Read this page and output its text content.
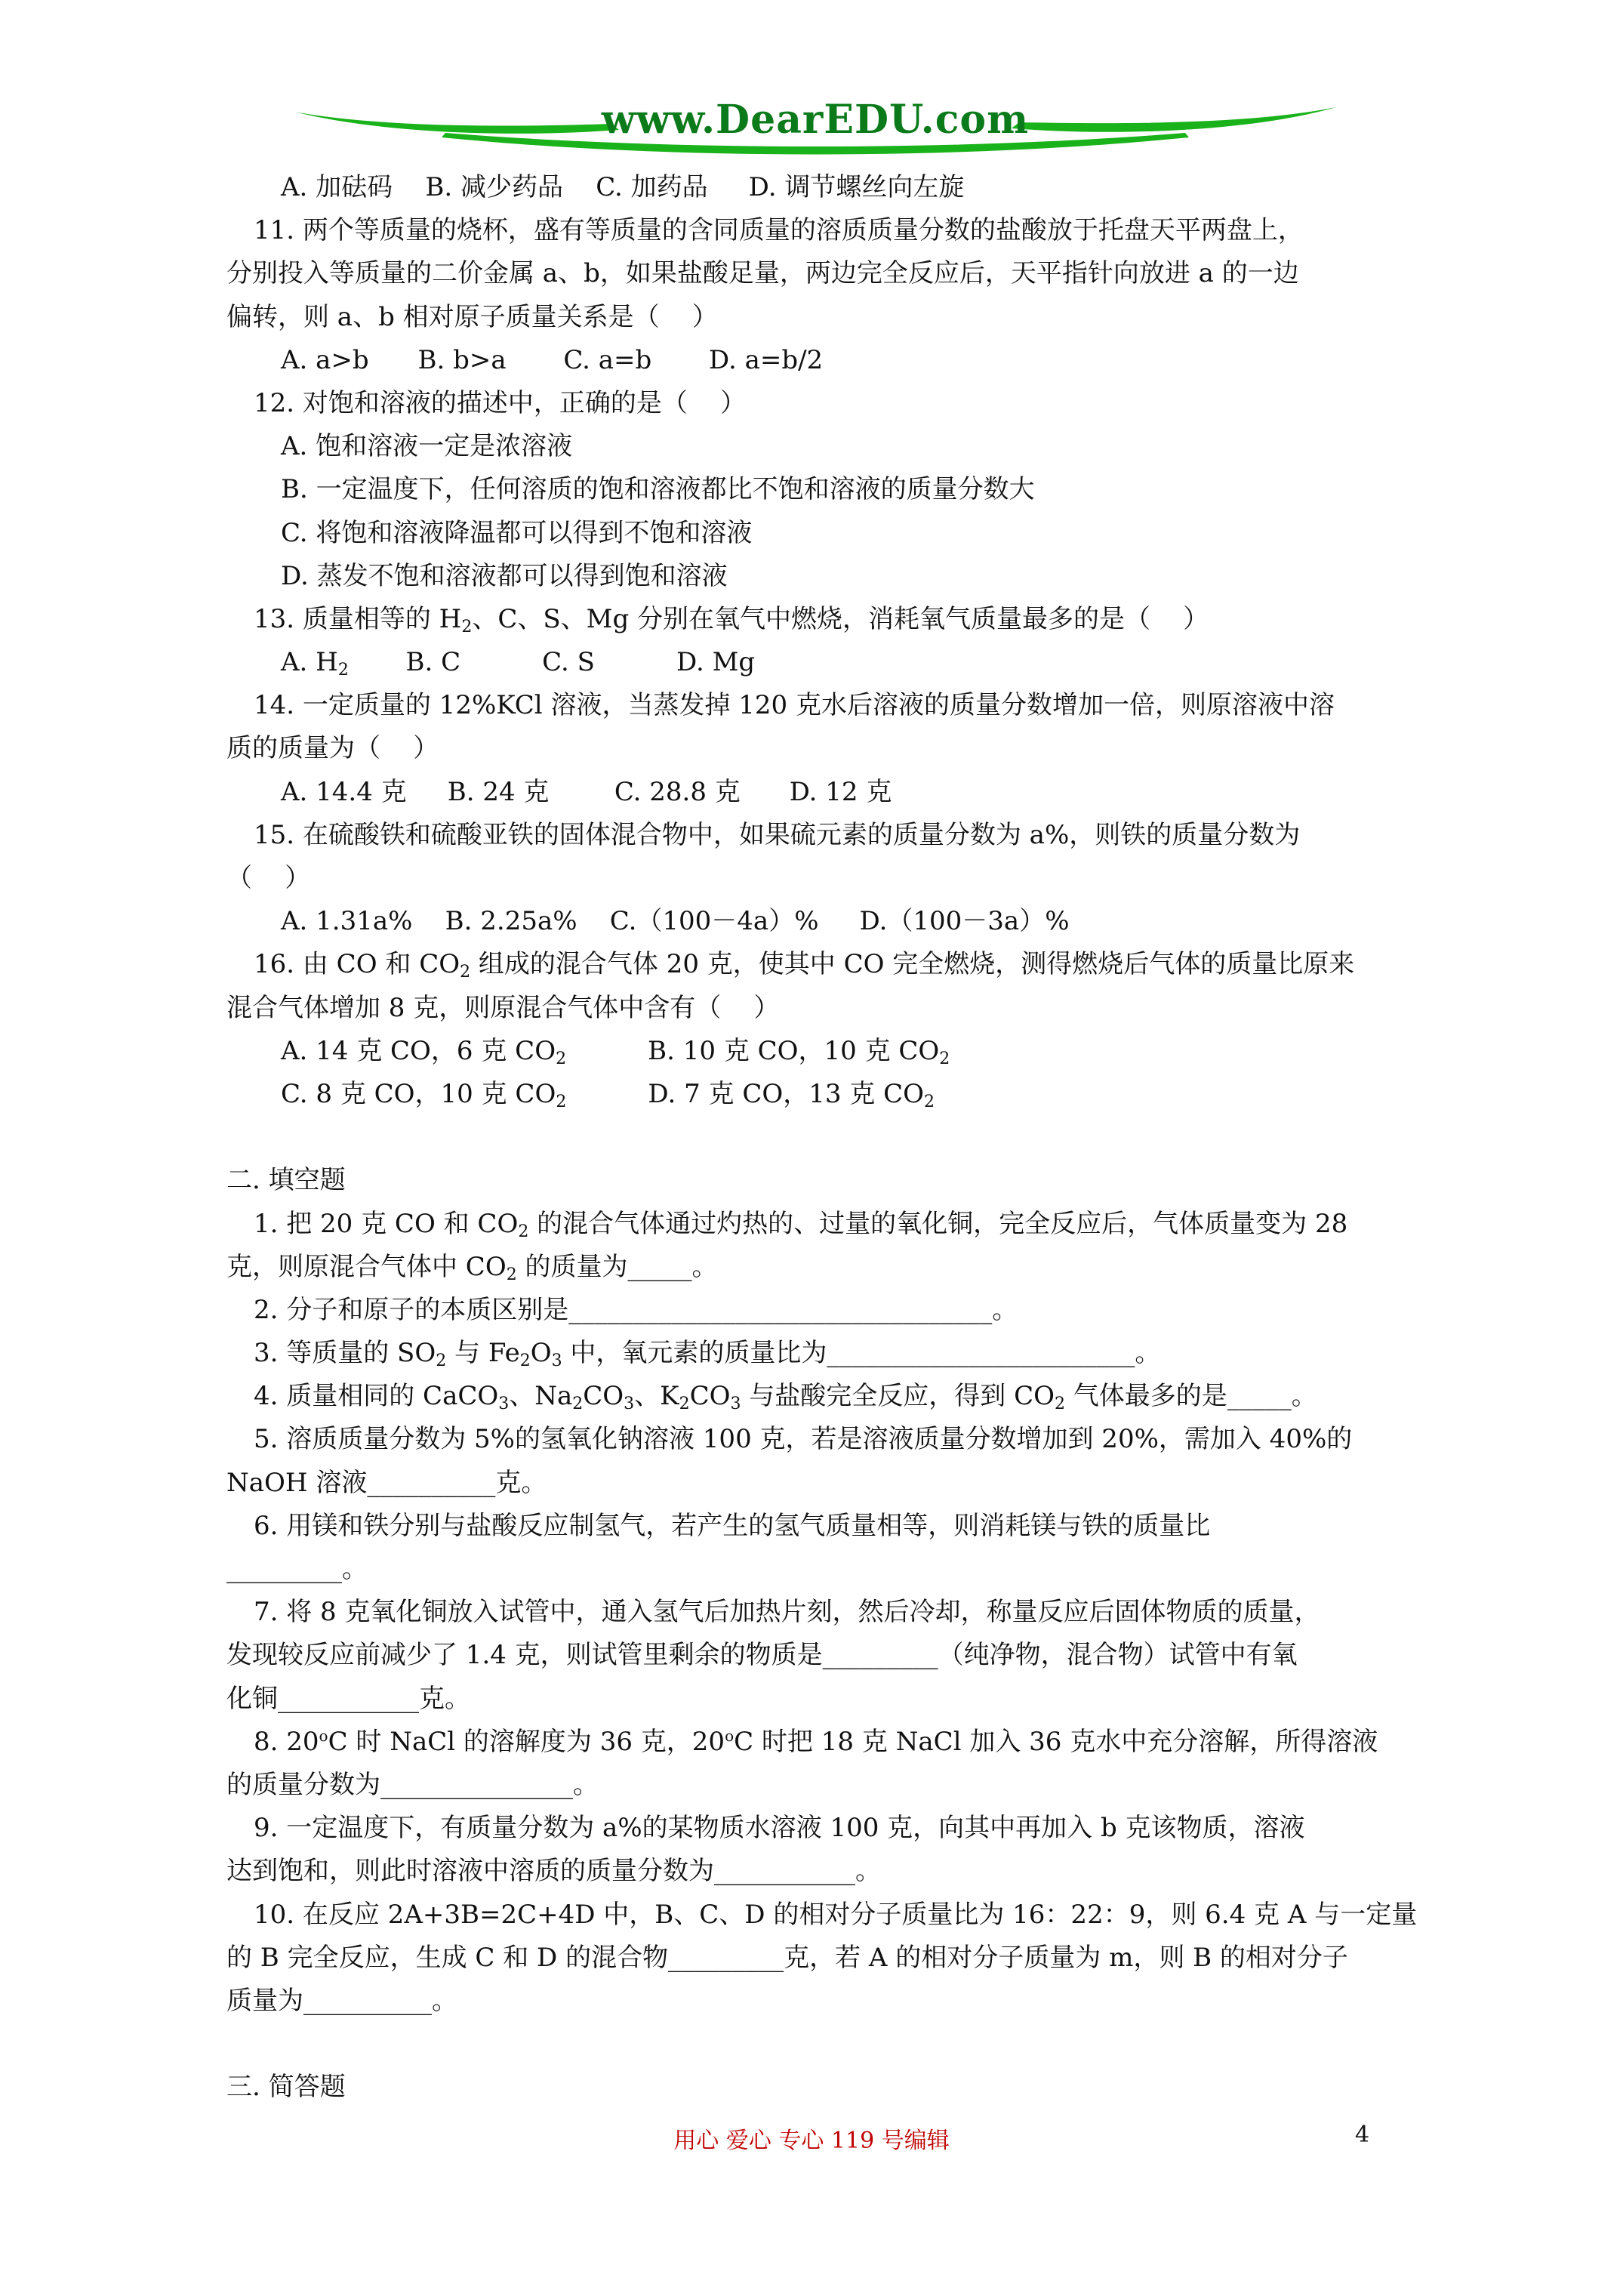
www.DearEDU.com
A. 加砝码    B. 减少药品    C. 加药品     D. 调节螺丝向左旋
11. 两个等质量的烧杯，盛有等质量的含同质量的溶质质量分数的盐酸放于托盘天平两盘上，
分别投入等质量的二价金属 a、b，如果盐酸足量，两边完全反应后，天平指针向放进 a 的一边
偏转，则 a、b 相对原子质量关系是（    ）
A. a>b      B. b>a       C. a=b       D. a=b/2
12. 对饱和溶液的描述中，正确的是（    ）
A. 饱和溶液一定是浓溶液
B. 一定温度下，任何溶质的饱和溶液都比不饱和溶液的质量分数大
C. 将饱和溶液降温都可以得到不饱和溶液
D. 蒸发不饱和溶液都可以得到饱和溶液
13. 质量相等的 $H_2$、C、S、Mg 分别在氧气中燃烧，消耗氧气质量最多的是（    ）
A. $H_2$       B. C          C. S          D. Mg
14. 一定质量的 12%KCl 溶液，当蒸发掉 120 克水后溶液的质量分数增加一倍，则原溶液中溶
质的质量为（    ）
A. 14.4 克     B. 24 克        C. 28.8 克      D. 12 克
15. 在硫酸铁和硫酸亚铁的固体混合物中，如果硫元素的质量分数为 a%，则铁的质量分数为
（    ）
A. 1.31a%    B. 2.25a%    C.（100－4a）%     D.（100－3a）%
16. 由 CO 和 $CO_2$ 组成的混合气体 20 克，使其中 CO 完全燃烧，测得燃烧后气体的质量比原来
混合气体增加 8 克，则原混合气体中含有（    ）
A. 14 克 CO，6 克 $CO_2$          B. 10 克 CO，10 克 $CO_2$
C. 8 克 CO，10 克 $CO_2$          D. 7 克 CO，13 克 $CO_2$
二. 填空题
1. 把 20 克 CO 和 $CO_2$ 的混合气体通过灼热的、过量的氧化铜，完全反应后，气体质量变为 28
克，则原混合气体中 $CO_2$ 的质量为_____。
2. 分子和原子的本质区别是_________________________________。
3. 等质量的 $SO_2$ 与 $Fe_2O_3$ 中，氧元素的质量比为________________________。
4. 质量相同的 CaCO$_3$、$Na_2CO_3$、$K_2CO_3$ 与盐酸完全反应，得到 $CO_2$ 气体最多的是_____。
5. 溶质质量分数为 5%的氢氧化钠溶液 100 克，若是溶液质量分数增加到 20%，需加入 40%的
NaOH 溶液__________克。
6. 用镁和铁分别与盐酸反应制氢气，若产生的氢气质量相等，则消耗镁与铁的质量比
_________。
7. 将 8 克氧化铜放入试管中，通入氢气后加热片刻，然后冷却，称量反应后固体物质的质量，
发现较反应前减少了 1.4 克，则试管里剩余的物质是_________（纯净物，混合物）试管中有氧
化铜___________克。
8. 20$^o$C 时 NaCl 的溶解度为 36 克，20$^o$C 时把 18 克 NaCl 加入 36 克水中充分溶解，所得溶液
的质量分数为_______________。
9. 一定温度下，有质量分数为 a%的某物质水溶液 100 克，向其中再加入 b 克该物质，溶液
达到饱和，则此时溶液中溶质的质量分数为___________。
10. 在反应 2A+3B=2C+4D 中，B、C、D 的相对分子质量比为 16：22：9，则 6.4 克 A 与一定量
的 B 完全反应，生成 C 和 D 的混合物_________克，若 A 的相对分子质量为 m，则 B 的相对分子
质量为__________。
三. 简答题
用心 爱心 专心 119 号编辑	4
